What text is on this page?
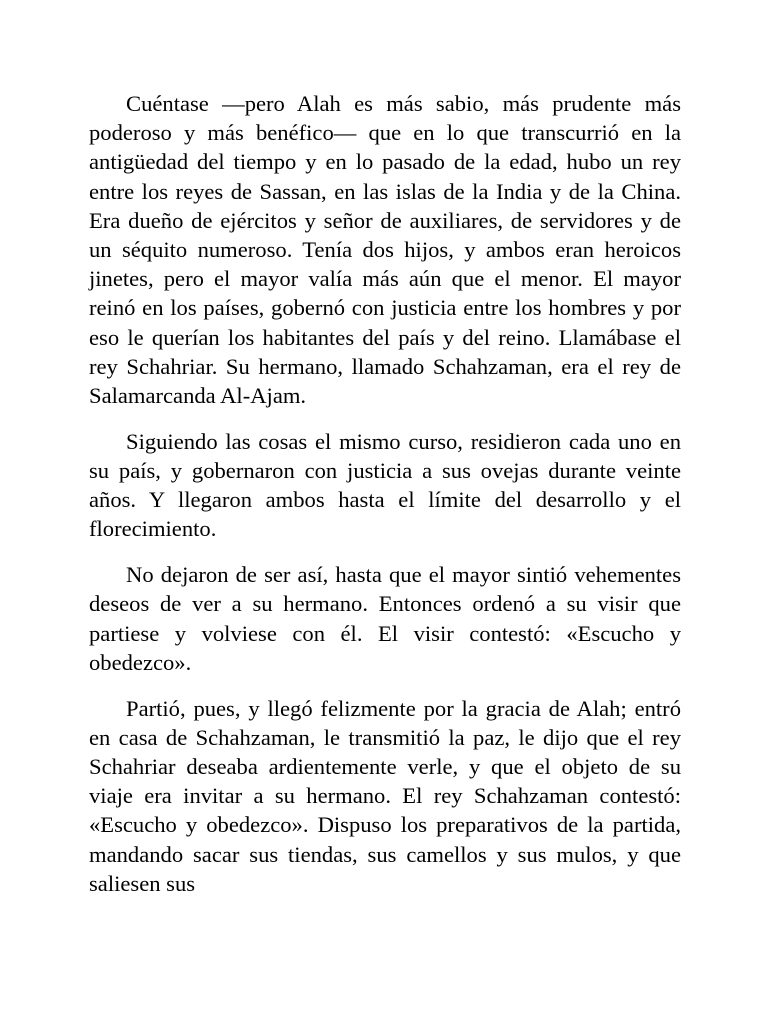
Cuéntase —pero Alah es más sabio, más prudente más poderoso y más benéfico— que en lo que transcurrió en la antigüedad del tiempo y en lo pasado de la edad, hubo un rey entre los reyes de Sassan, en las islas de la India y de la China. Era dueño de ejércitos y señor de auxiliares, de servidores y de un séquito numeroso. Tenía dos hijos, y ambos eran heroicos jinetes, pero el mayor valía más aún que el menor. El mayor reinó en los países, gobernó con justicia entre los hombres y por eso le querían los habitantes del país y del reino. Llamábase el rey Schahriar. Su hermano, llamado Schahzaman, era el rey de Salamarcanda Al-Ajam.

Siguiendo las cosas el mismo curso, residieron cada uno en su país, y gobernaron con justicia a sus ovejas durante veinte años. Y llegaron ambos hasta el límite del desarrollo y el florecimiento.

No dejaron de ser así, hasta que el mayor sintió vehementes deseos de ver a su hermano. Entonces ordenó a su visir que partiese y volviese con él. El visir contestó: «Escucho y obedezco».

Partió, pues, y llegó felizmente por la gracia de Alah; entró en casa de Schahzaman, le transmitió la paz, le dijo que el rey Schahriar deseaba ardientemente verle, y que el objeto de su viaje era invitar a su hermano. El rey Schahzaman contestó: «Escucho y obedezco». Dispuso los preparativos de la partida, mandando sacar sus tiendas, sus camellos y sus mulos, y que saliesen sus
